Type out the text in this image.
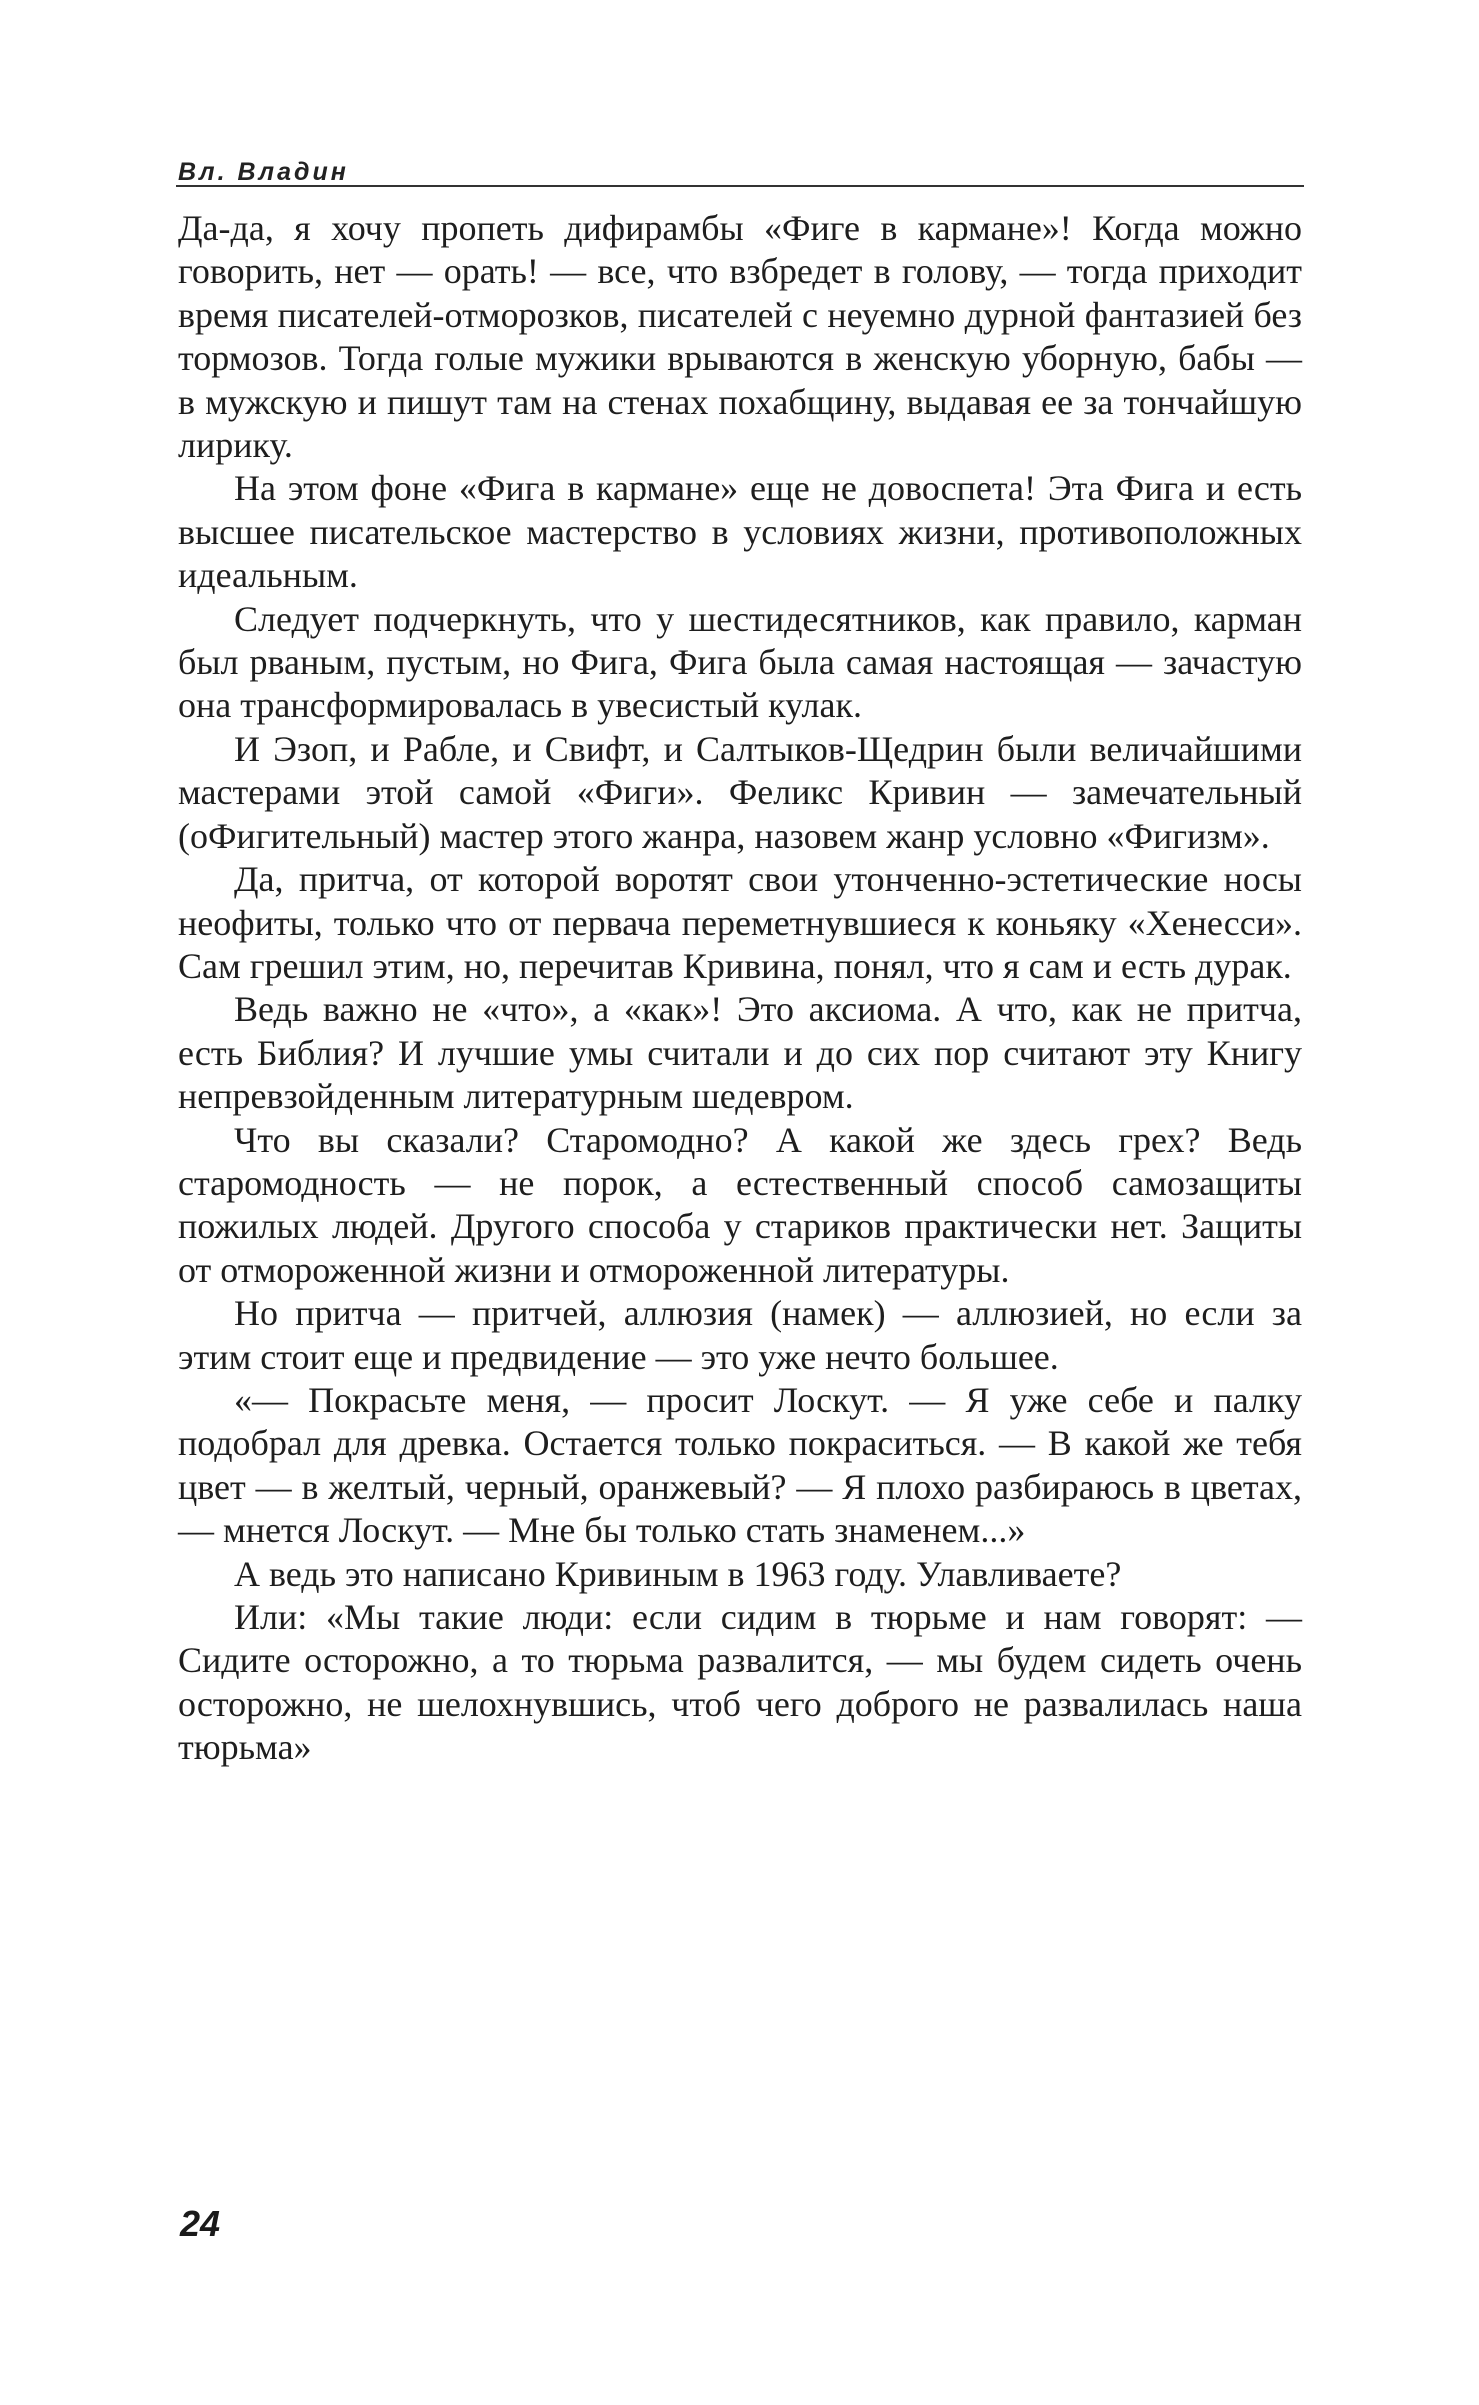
Вл. Владин

Да-да, я хочу пропеть дифирамбы «Фиге в кармане»! Когда можно говорить, нет — орать! — все, что взбредет в голову, — тогда приходит время писателей-отморозков, писателей с неуемно дурной фантазией без тормозов. Тогда голые мужики врываются в женскую уборную, бабы — в мужскую и пишут там на стенах похабщину, выдавая ее за тончайшую лирику.

На этом фоне «Фига в кармане» еще не довоспета! Эта Фига и есть высшее писательское мастерство в условиях жизни, противоположных идеальным.

Следует подчеркнуть, что у шестидесятников, как правило, карман был рваным, пустым, но Фига, Фига была самая настоящая — зачастую она трансформировалась в увесистый кулак.

И Эзоп, и Рабле, и Свифт, и Салтыков-Щедрин были величайшими мастерами этой самой «Фиги». Феликс Кривин — замечательный (оФигительный) мастер этого жанра, назовем жанр условно «Фигизм».

Да, притча, от которой воротят свои утонченно-эстетические носы неофиты, только что от первача переметнувшиеся к коньяку «Хенесси». Сам грешил этим, но, перечитав Кривина, понял, что я сам и есть дурак.

Ведь важно не «что», а «как»! Это аксиома. А что, как не притча, есть Библия? И лучшие умы считали и до сих пор считают эту Книгу непревзойденным литературным шедевром.

Что вы сказали? Старомодно? А какой же здесь грех? Ведь старомодность — не порок, а естественный способ самозащиты пожилых людей. Другого способа у стариков практически нет. Защиты от отмороженной жизни и отмороженной литературы.

Но притча — притчей, аллюзия (намек) — аллюзией, но если за этим стоит еще и предвидение — это уже нечто большее.

«— Покрасьте меня, — просит Лоскут. — Я уже себе и палку подобрал для древка. Остается только покраситься. — В какой же тебя цвет — в желтый, черный, оранжевый? — Я плохо разбираюсь в цветах, — мнется Лоскут. — Мне бы только стать знаменем...»

А ведь это написано Кривиным в 1963 году. Улавливаете?

Или: «Мы такие люди: если сидим в тюрьме и нам говорят: — Сидите осторожно, а то тюрьма развалится, — мы будем сидеть очень осторожно, не шелохнувшись, чтоб чего доброго не развалилась наша тюрьма»

24
